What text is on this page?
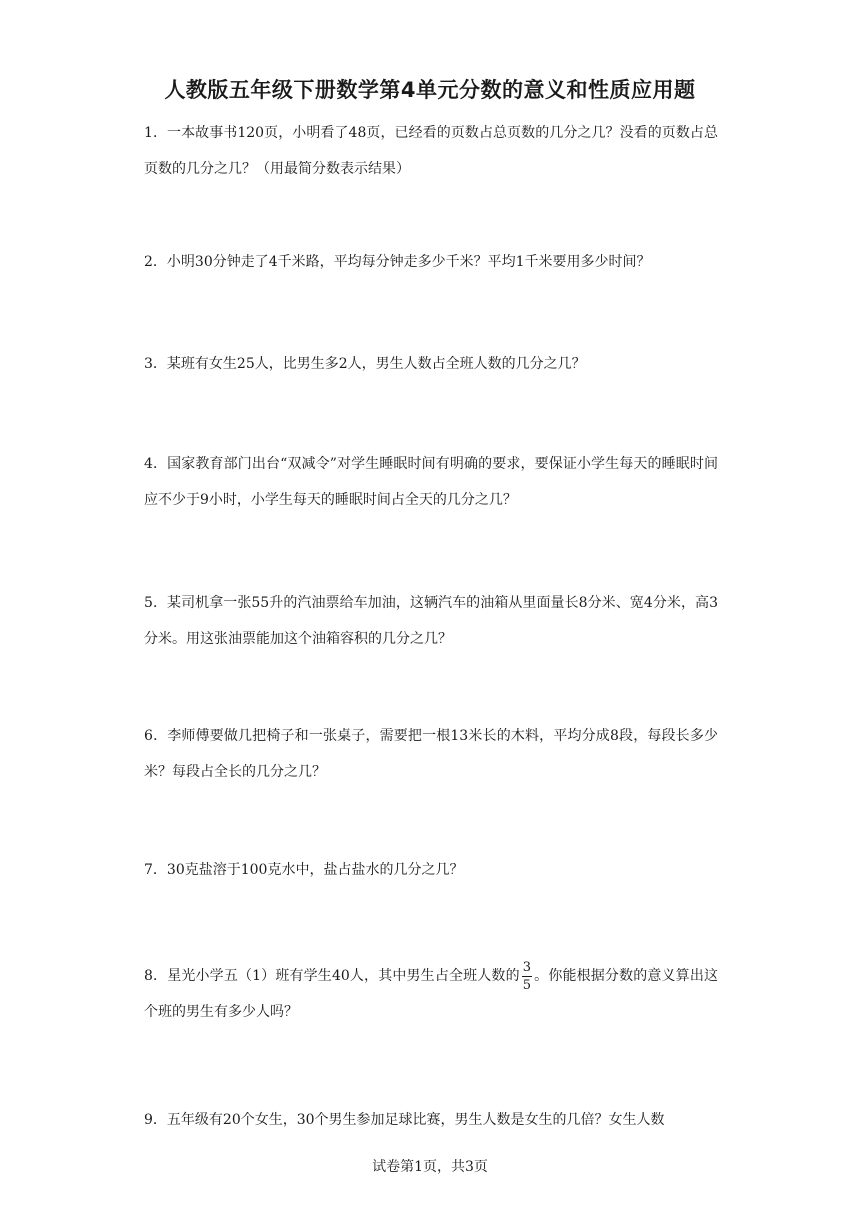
人教版五年级下册数学第4单元分数的意义和性质应用题
1．一本故事书120页，小明看了48页，已经看的页数占总页数的几分之几？没看的页数占总页数的几分之几？（用最简分数表示结果）
2．小明30分钟走了4千米路，平均每分钟走多少千米？平均1千米要用多少时间？
3．某班有女生25人，比男生多2人，男生人数占全班人数的几分之几？
4．国家教育部门出台“双减令”对学生睡眠时间有明确的要求，要保证小学生每天的睡眠时间应不少于9小时，小学生每天的睡眠时间占全天的几分之几？
5．某司机拿一张55升的汽油票给车加油，这辆汽车的油箱从里面量长8分米、宽4分米，高3分米。用这张油票能加这个油箱容积的几分之几？
6．李师傅要做几把椅子和一张桌子，需要把一根13米长的木料，平均分成8段，每段长多少米？每段占全长的几分之几？
7．30克盐溶于100克水中，盐占盐水的几分之几？
8．星光小学五（1）班有学生40人，其中男生占全班人数的 $\frac{3}{5}$ 。你能根据分数的意义算出这个班的男生有多少人吗？
9．五年级有20个女生，30个男生参加足球比赛，男生人数是女生的几倍？女生人数
试卷第1页，共3页
